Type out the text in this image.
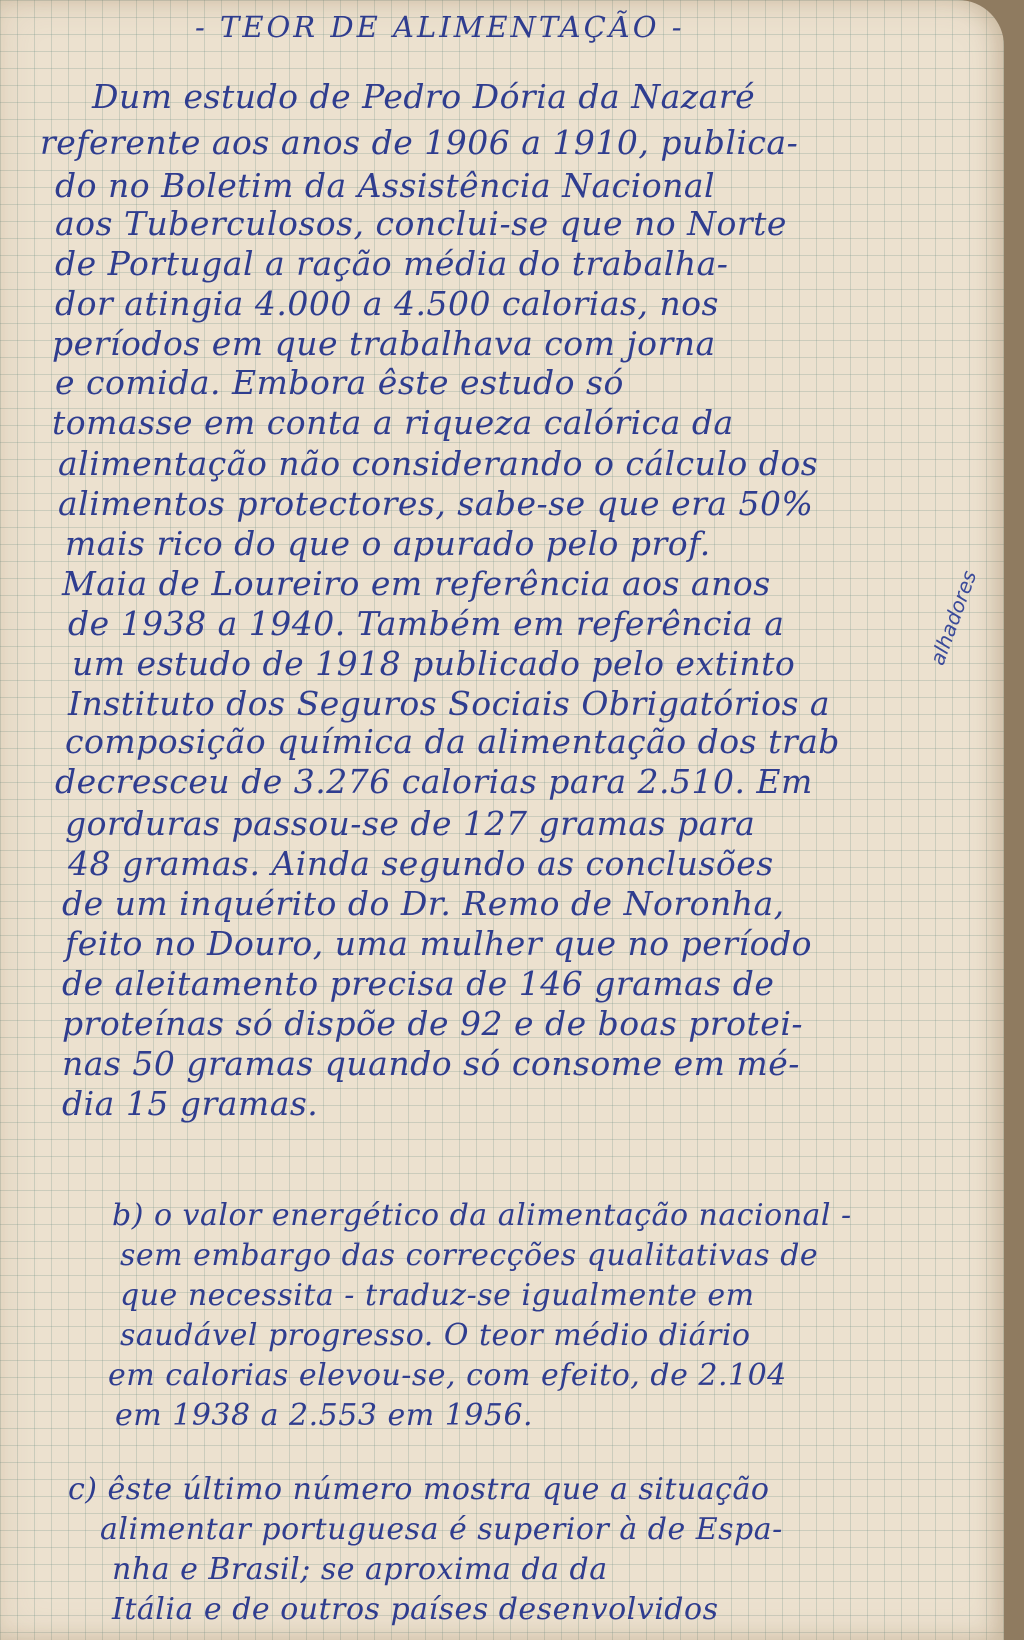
- TEOR DE ALIMENTAÇÃO -

Dum estudo de Pedro Dória da Nazaré

referente aos anos de 1906 a 1910, publica-

do no Boletim da Assistência Nacional

aos Tuberculosos, conclui-se que no Norte

de Portugal a ração média do trabalha-

dor atingia 4.000 a 4.500 calorias, nos

períodos em que trabalhava com jorna

e comida. Embora êste estudo só

tomasse em conta a riqueza calórica da

alimentação não considerando o cálculo dos

alimentos protectores, sabe-se que era 50%

mais rico do que o apurado pelo prof.

Maia de Loureiro em referência aos anos

de 1938 a 1940. Também em referência a

um estudo de 1918 publicado pelo extinto

Instituto dos Seguros Sociais Obrigatórios a

composição química da alimentação dos trab

decresceu de 3.276 calorias para 2.510. Em

gorduras passou-se de 127 gramas para

48 gramas. Ainda segundo as conclusões

de um inquérito do Dr. Remo de Noronha,

feito no Douro, uma mulher que no período

de aleitamento precisa de 146 gramas de

proteínas só dispõe de 92 e de boas protei-

nas 50 gramas quando só consome em mé-

dia 15 gramas.

alhadores

b) o valor energético da alimentação nacional -

sem embargo das correcções qualitativas de

que necessita - traduz-se igualmente em

saudável progresso. O teor médio diário

em calorias elevou-se, com efeito, de 2.104

em 1938 a 2.553 em 1956.

c) êste último número mostra que a situação

alimentar portuguesa é superior à de Espa-

nha e Brasil; se aproxima da da

Itália e de outros países desenvolvidos
